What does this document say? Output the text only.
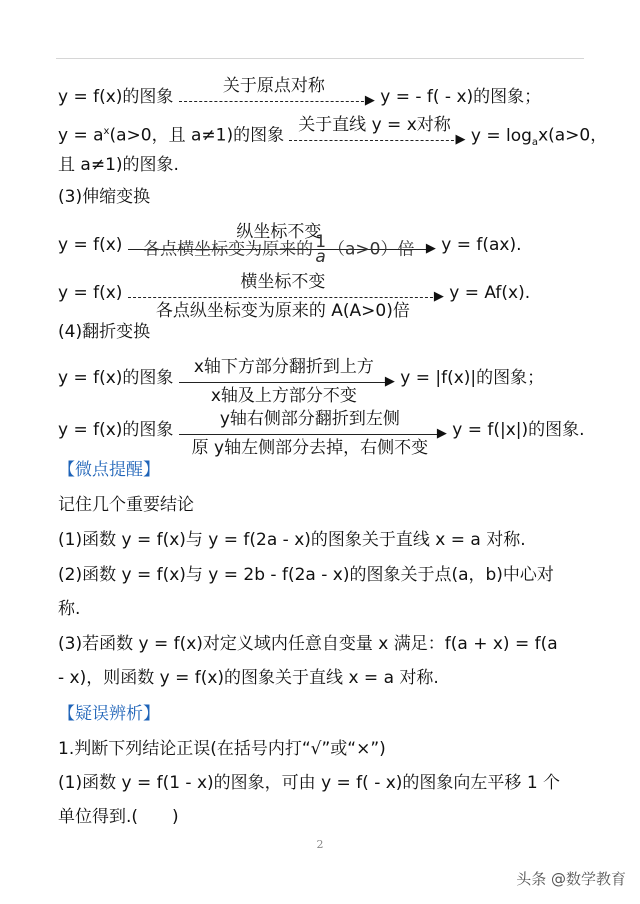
y = f(x)的图象
关于原点对称
▶ y = - f( - x)的图象；
$y = a^x(a>0$，且 a≠1)的图象
关于直线 y = x对称
▶ $y = \log_ax(a>0$，
且 a≠1)的图象.
(3)伸缩变换
y = f(x)
纵坐标不变
▶
各点横坐标变为原来的 $\frac{1}{a} (a>0)$倍	y = f(ax).
y = f(x)
横坐标不变
▶
各点纵坐标变为原来的 A(A>0)倍
y = Af(x).
(4)翻折变换
y = f(x)的图象
x轴下方部分翻折到上方
▶
x轴及上方部分不变
y = |f(x)|的图象；
y = f(x)的图象
y轴右侧部分翻折到左侧
▶
原 y轴左侧部分去掉，右侧不变
y = f(|x|)的图象.
【微点提醒】
记住几个重要结论
(1)函数 y = f(x)与 y = f(2a - x)的图象关于直线 x = a 对称.
(2)函数 y = f(x)与 y = 2b - f(2a - x)的图象关于点(a，b)中心对
称.
(3)若函数 y = f(x)对定义域内任意自变量 x 满足：f(a + x) = f(a
- x)，则函数 y = f(x)的图象关于直线 x = a 对称.
【疑误辨析】
1.判断下列结论正误(在括号内打“√”或“×”)
(1)函数 y = f(1 - x)的图象，可由 y = f( - x)的图象向左平移 1 个
单位得到.(　　)
2
头条 @数学教育
